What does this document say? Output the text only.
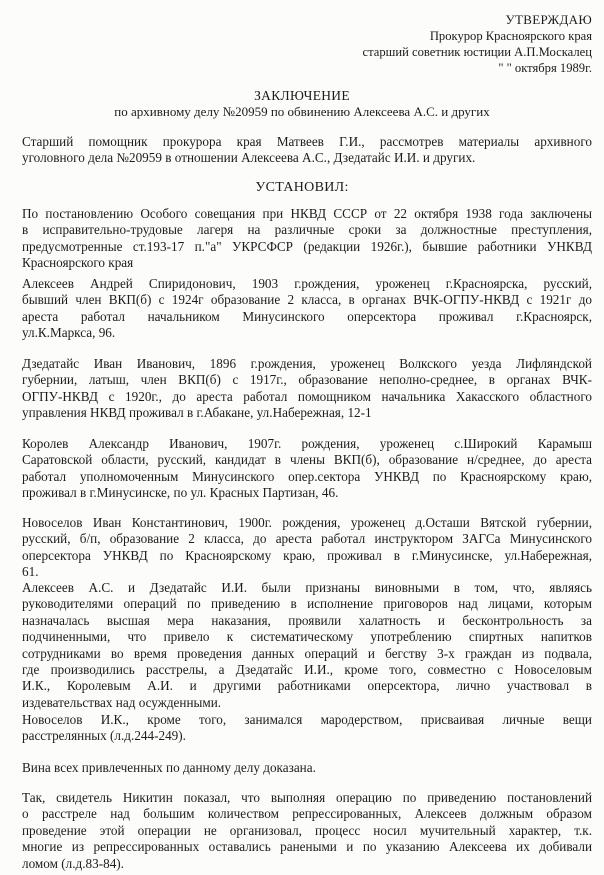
УТВЕРЖДАЮ
Прокурор Красноярского края
старший советник юстиции А.П.Москалец
" " октября 1989г.
ЗАКЛЮЧЕНИЕ
по архивному делу №20959 по обвинению Алексеева А.С. и других
Старший помощник прокурора края Матвеев Г.И., рассмотрев материалы архивного
уголовного дела №20959 в отношении Алексеева А.С., Дзедатайс И.И. и других.
УСТАНОВИЛ:
По постановлению Особого совещания при НКВД СССР от 22 октября 1938 года заключены
в исправительно-трудовые лагеря на различные сроки за должностные преступления,
предусмотренные ст.193-17 п."а" УКРСФСР (редакции 1926г.), бывшие работники УНКВД
Красноярского края
Алексеев Андрей Спиридонович, 1903 г.рождения, уроженец г.Красноярска, русский,
бывший член ВКП(б) с 1924г образование 2 класса, в органах ВЧК-ОГПУ-НКВД с 1921г до
ареста работал начальником Минусинского оперсектора проживал г.Красноярск,
ул.К.Маркса, 96.
Дзедатайс Иван Иванович, 1896 г.рождения, уроженец Волкского уезда Лифляндской
губернии, латыш, член ВКП(б) с 1917г., образование неполно-среднее, в органах ВЧК-
ОГПУ-НКВД с 1920г., до ареста работал помощником начальника Хакасского областного
управления НКВД проживал в г.Абакане, ул.Набережная, 12-1
Королев Александр Иванович, 1907г. рождения, уроженец с.Широкий Карамыш
Саратовской области, русский, кандидат в члены ВКП(б), образование н/среднее, до ареста
работал уполномоченным Минусинского опер.сектора УНКВД по Красноярскому краю,
проживал в г.Минусинске, по ул. Красных Партизан, 46.
Новоселов Иван Константинович, 1900г. рождения, уроженец д.Осташи Вятской губернии,
русский, б/п, образование 2 класса, до ареста работал инструктором ЗАГСа Минусинского
оперсектора УНКВД по Красноярскому краю, проживал в г.Минусинске, ул.Набережная,
61.
Алексеев А.С. и Дзедатайс И.И. были признаны виновными в том, что, являясь
руководителями операций по приведению в исполнение приговоров над лицами, которым
назначалась высшая мера наказания, проявили халатность и бесконтрольность за
подчиненными, что привело к систематическому употреблению спиртных напитков
сотрудниками во время проведения данных операций и бегству 3-х граждан из подвала,
где производились расстрелы, а Дзедатайс И.И., кроме того, совместно с Новоселовым
И.К., Королевым А.И. и другими работниками оперсектора, лично участвовал в
издевательствах над осужденными.
Новоселов И.К., кроме того, занимался мародерством, присваивая личные вещи
расстрелянных (л.д.244-249).
Вина всех привлеченных по данному делу доказана.
Так, свидетель Никитин показал, что выполняя операцию по приведению постановлений
о расстреле над большим количеством репрессированных, Алексеев должным образом
проведение этой операции не организовал, процесс носил мучительный характер, т.к.
многие из репрессированных оставались ранеными и по указанию Алексеева их добивали
ломом (л.д.83-84).
